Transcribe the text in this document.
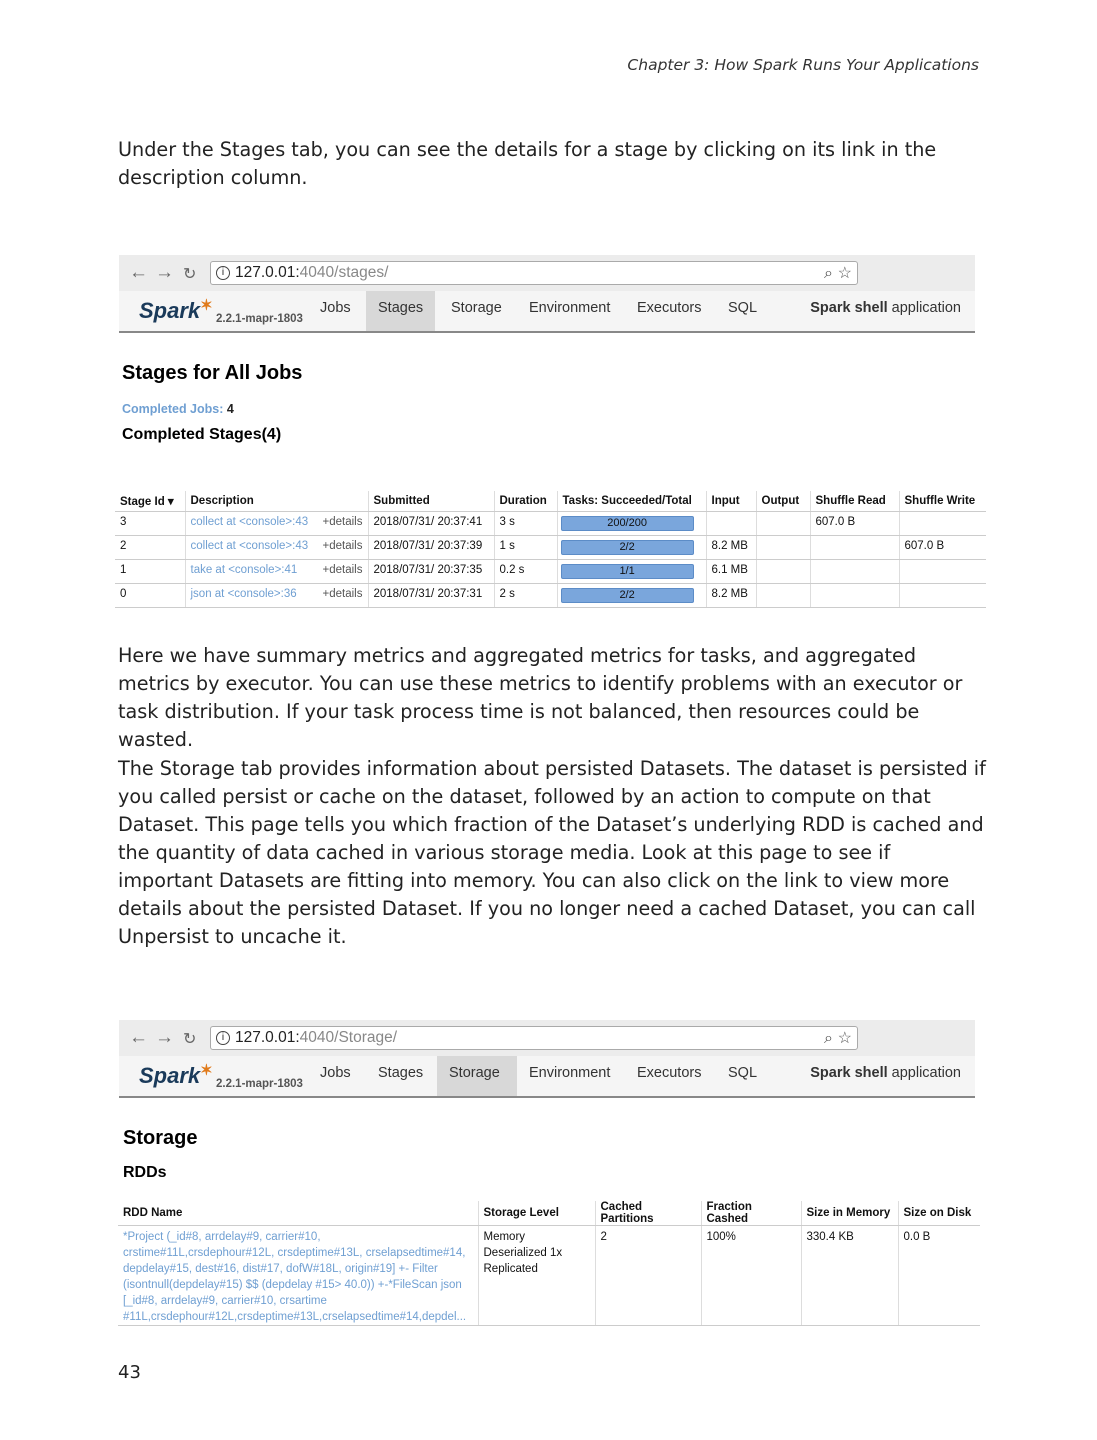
Chapter 3: How Spark Runs Your Applications

Under the Stages tab, you can see the details for a stage by clicking on its link in the description column.

← → ↻	i 127.0.01:4040/stages/	⌕ ☆
Spark✶
2.2.1-mapr-1803
Jobs	Stages	Storage	Environment	Executors	SQL	Spark shell application
Stages for All Jobs
Completed Jobs: 4
Completed Stages(4)
Stage Id ▾	Description	Submitted	Duration	Tasks: Succeeded/Total	Input	Output	Shuffle Read	Shuffle Write
3	collect at <console>:43 +details	2018/07/31/ 20:37:41	3 s	200/200			607.0 B	
2	collect at <console>:43 +details	2018/07/31/ 20:37:39	1 s	2/2	8.2 MB			607.0 B
1	take at <console>:41 +details	2018/07/31/ 20:37:35	0.2 s	1/1	6.1 MB			
0	json at <console>:36 +details	2018/07/31/ 20:37:31	2 s	2/2	8.2 MB			

Here we have summary metrics and aggregated metrics for tasks, and aggregated metrics by executor. You can use these metrics to identify problems with an executor or task distribution. If your task process time is not balanced, then resources could be wasted.

The Storage tab provides information about persisted Datasets. The dataset is persisted if you called persist or cache on the dataset, followed by an action to compute on that Dataset. This page tells you which fraction of the Dataset’s underlying RDD is cached and the quantity of data cached in various storage media. Look at this page to see if important Datasets are fitting into memory. You can also click on the link to view more details about the persisted Dataset. If you no longer need a cached Dataset, you can call Unpersist to uncache it.

← → ↻	i 127.0.01:4040/Storage/	⌕ ☆
Spark✶
2.2.1-mapr-1803
Jobs	Stages	Storage	Environment	Executors	SQL	Spark shell application
Storage
RDDs
RDD Name	Storage Level	Cached Partitions	Fraction Cashed	Size in Memory	Size on Disk
*Project (_id#8, arrdelay#9, carrier#10, crstime#11L,crsdephour#12L, crsdeptime#13L, crselapsedtime#14, depdelay#15, dest#16, dist#17, dofW#18L, origin#19] +- Filter (isontnull(depdelay#15) $$ (depdelay #15> 40.0)) +-*FileScan json [_id#8, arrdelay#9, carrier#10, crsartime #11L,crsdephour#12L,crsdeptime#13L,crselapsedtime#14,depdel...	Memory Deserialized 1x Replicated	2	100%	330.4 KB	0.0 B
43
